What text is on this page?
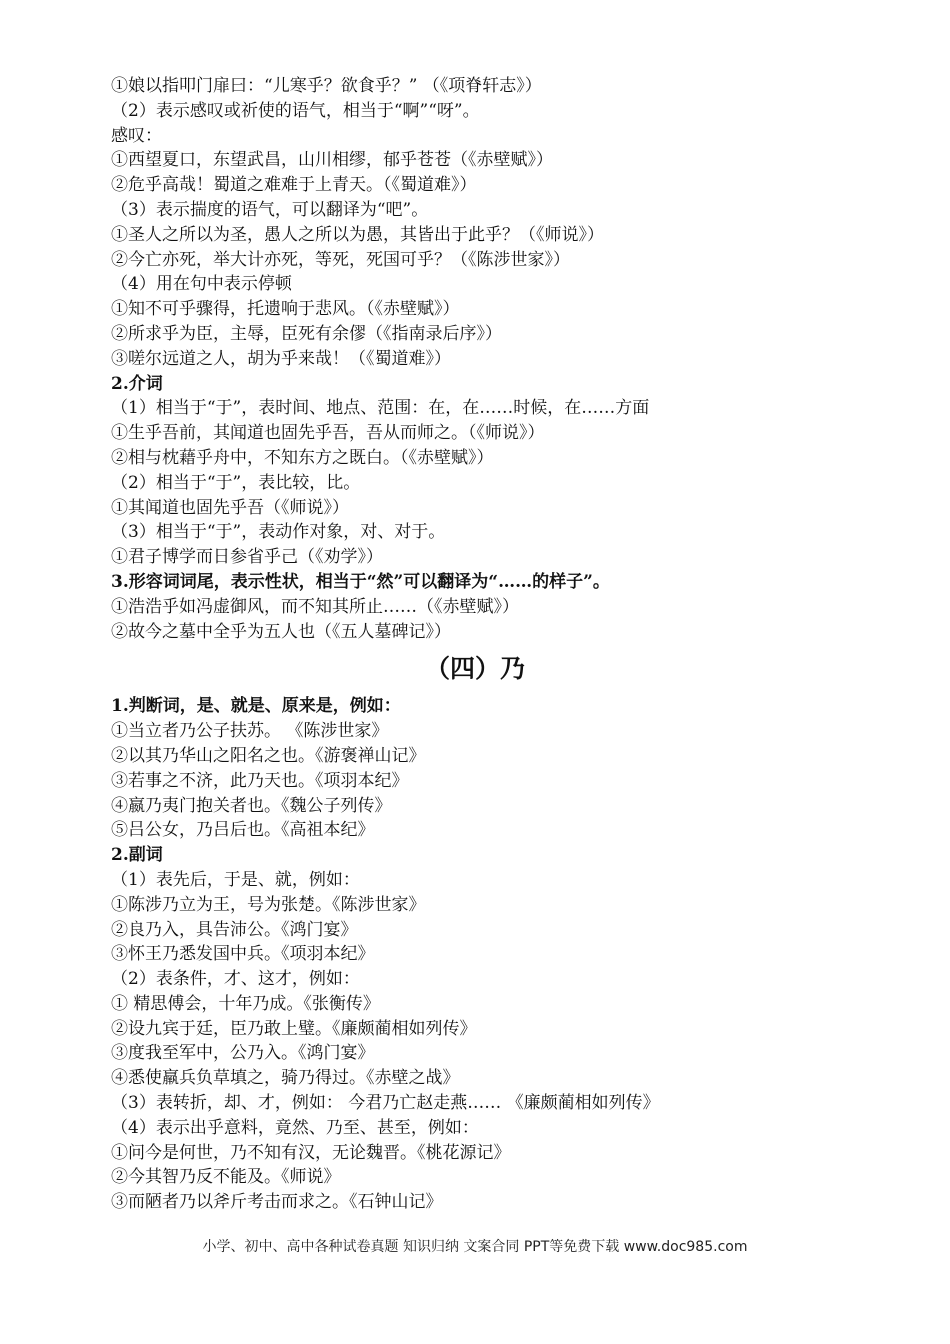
①娘以指叩门扉曰：“儿寒乎？欲食乎？” （《项脊轩志》）
（2）表示感叹或祈使的语气，相当于“啊”“呀”。
感叹：
①西望夏口，东望武昌，山川相缪，郁乎苍苍（《赤壁赋》）
②危乎高哉！蜀道之难难于上青天。（《蜀道难》）
（3）表示揣度的语气，可以翻译为“吧”。
①圣人之所以为圣，愚人之所以为愚，其皆出于此乎？（《师说》）
②今亡亦死，举大计亦死，等死，死国可乎？（《陈涉世家》）
（4）用在句中表示停顿
①知不可乎骤得，托遗响于悲风。（《赤壁赋》）
②所求乎为臣，主辱，臣死有余僇（《指南录后序》）
③嗟尔远道之人，胡为乎来哉！（《蜀道难》）
2.介词
（1）相当于“于”，表时间、地点、范围：在，在……时候，在……方面
①生乎吾前，其闻道也固先乎吾，吾从而师之。（《师说》）
②相与枕藉乎舟中，不知东方之既白。（《赤壁赋》）
（2）相当于“于”，表比较，比。
①其闻道也固先乎吾（《师说》）
（3）相当于“于”，表动作对象，对、对于。
①君子博学而日参省乎己（《劝学》）
3.形容词词尾，表示性状，相当于“然”可以翻译为“……的样子”。
①浩浩乎如冯虚御风，而不知其所止……（《赤壁赋》）
②故今之墓中全乎为五人也（《五人墓碑记》）
（四）乃
1.判断词，是、就是、原来是，例如：
①当立者乃公子扶苏。 《陈涉世家》
②以其乃华山之阳名之也。《游褒禅山记》
③若事之不济，此乃天也。《项羽本纪》
④嬴乃夷门抱关者也。《魏公子列传》
⑤吕公女，乃吕后也。《高祖本纪》
2.副词
（1）表先后，于是、就，例如：
①陈涉乃立为王，号为张楚。《陈涉世家》
②良乃入，具告沛公。《鸿门宴》
③怀王乃悉发国中兵。《项羽本纪》
（2）表条件，才、这才，例如：
① 精思傅会，十年乃成。《张衡传》
②设九宾于廷，臣乃敢上璧。《廉颇蔺相如列传》
③度我至军中，公乃入。《鸿门宴》
④悉使羸兵负草填之，骑乃得过。《赤壁之战》
（3）表转折，却、才，例如： 今君乃亡赵走燕…… 《廉颇蔺相如列传》
（4）表示出乎意料，竟然、乃至、甚至，例如：
①问今是何世，乃不知有汉，无论魏晋。《桃花源记》
②今其智乃反不能及。《师说》
③而陋者乃以斧斤考击而求之。《石钟山记》
小学、初中、高中各种试卷真题 知识归纳 文案合同 PPT等免费下载 www.doc985.com
